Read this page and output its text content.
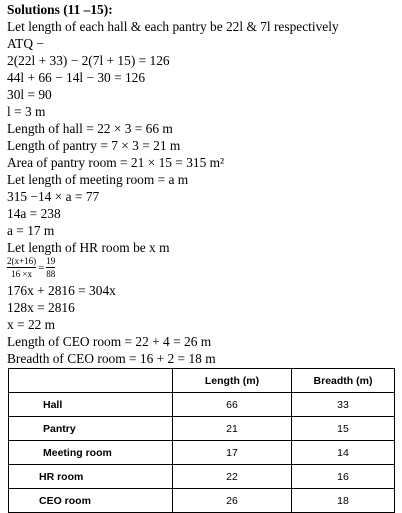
Solutions (11 –15):
Let length of each hall & each pantry be 22l & 7l respectively
ATQ −
2(22l + 33) − 2(7l + 15) = 126
44l + 66 − 14l − 30 = 126
30l = 90
l = 3 m
Length of hall = 22 × 3 = 66 m
Length of pantry = 7 × 3 = 21 m
Area of pantry room = 21 × 15 = 315 m²
Let length of meeting room = a m
315 −14 × a = 77
14a = 238
a = 17 m
Let length of HR room be x m
2(x+16)
16 ×x
=
19
88
176x + 2816 = 304x
128x = 2816
x = 22 m
Length of CEO room = 22 + 4 = 26 m
Breadth of CEO room = 16 + 2 = 18 m
	Length (m)	Breadth (m)
Hall	66	33
Pantry	21	15
Meeting room	17	14
HR room	22	16
CEO room	26	18
